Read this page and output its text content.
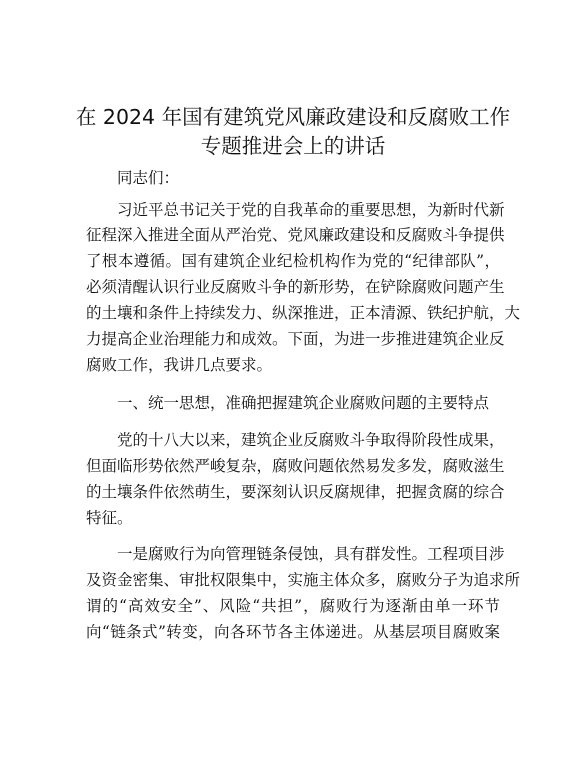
在 2024 年国有建筑党风廉政建设和反腐败工作
专题推进会上的讲话
同志们：
习近平总书记关于党的自我革命的重要思想，为新时代新
征程深入推进全面从严治党、党风廉政建设和反腐败斗争提供
了根本遵循。国有建筑企业纪检机构作为党的“纪律部队”，
必须清醒认识行业反腐败斗争的新形势，在铲除腐败问题产生
的土壤和条件上持续发力、纵深推进，正本清源、铁纪护航，大
力提高企业治理能力和成效。下面，为进一步推进建筑企业反
腐败工作，我讲几点要求。
一、统一思想，准确把握建筑企业腐败问题的主要特点
党的十八大以来，建筑企业反腐败斗争取得阶段性成果，
但面临形势依然严峻复杂，腐败问题依然易发多发，腐败滋生
的土壤条件依然萌生，要深刻认识反腐规律，把握贪腐的综合
特征。
一是腐败行为向管理链条侵蚀，具有群发性。工程项目涉
及资金密集、审批权限集中，实施主体众多，腐败分子为追求所
谓的“高效安全”、风险“共担”，腐败行为逐渐由单一环节
向“链条式”转变，向各环节各主体递进。从基层项目腐败案
